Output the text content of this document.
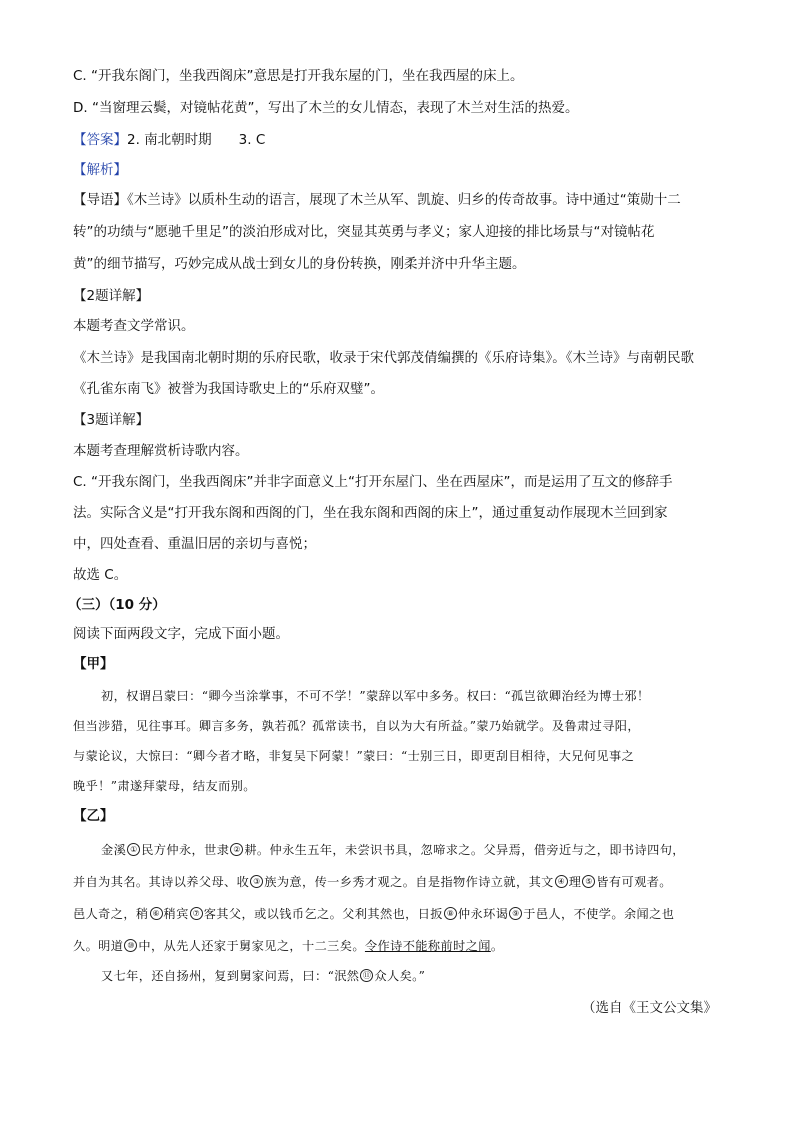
C. “开我东阁门，坐我西阁床”意思是打开我东屋的门，坐在我西屋的床上。
D. “当窗理云鬓，对镜帖花黄”，写出了木兰的女儿情态，表现了木兰对生活的热爱。
【答案】2. 南北朝时期　　3. C
【解析】
【导语】《木兰诗》以质朴生动的语言，展现了木兰从军、凯旋、归乡的传奇故事。诗中通过“策勋十二
转”的功绩与“愿驰千里足”的淡泊形成对比，突显其英勇与孝义；家人迎接的排比场景与“对镜帖花
黄”的细节描写，巧妙完成从战士到女儿的身份转换，刚柔并济中升华主题。
【2题详解】
本题考查文学常识。
《木兰诗》是我国南北朝时期的乐府民歌，收录于宋代郭茂倩编撰的《乐府诗集》。《木兰诗》与南朝民歌
《孔雀东南飞》被誉为我国诗歌史上的“乐府双璧”。
【3题详解】
本题考查理解赏析诗歌内容。
C. “开我东阁门，坐我西阁床”并非字面意义上“打开东屋门、坐在西屋床”，而是运用了互文的修辞手
法。实际含义是“打开我东阁和西阁的门，坐在我东阁和西阁的床上”，通过重复动作展现木兰回到家
中，四处查看、重温旧居的亲切与喜悦；
故选 C。
（三）（10 分）
阅读下面两段文字，完成下面小题。
【甲】
初，权谓吕蒙曰：“卿今当涂掌事，不可不学！”蒙辞以军中多务。权曰：“孤岂欲卿治经为博士邪！
但当涉猎，见往事耳。卿言多务，孰若孤？孤常读书，自以为大有所益。”蒙乃始就学。及鲁肃过寻阳，
与蒙论议，大惊曰：“卿今者才略，非复吴下阿蒙！”蒙曰：“士别三日，即更刮目相待，大兄何见事之
晚乎！”肃遂拜蒙母，结友而别。
【乙】
金溪 ① 民方仲永，世隶 ② 耕。仲永生五年，未尝识书具，忽啼求之。父异焉，借旁近与之，即书诗四句，
并自为其名。其诗以养父母、收 ③ 族为意，传一乡秀才观之。自是指物作诗立就，其文 ④ 理 ⑤ 皆有可观者。
邑人奇之，稍 ⑥ 稍宾 ⑦ 客其父，或以钱币乞之。父利其然也，日扳 ⑧ 仲永环谒 ⑨ 于邑人，不使学。余闻之也
久。明道 ⑩ 中，从先人还家于舅家见之，十二三矣。令作诗不能称前时之闻。
又七年，还自扬州，复到舅家问焉，曰：“泯然 ⑪ 众人矣。”
（选自《王文公文集》
